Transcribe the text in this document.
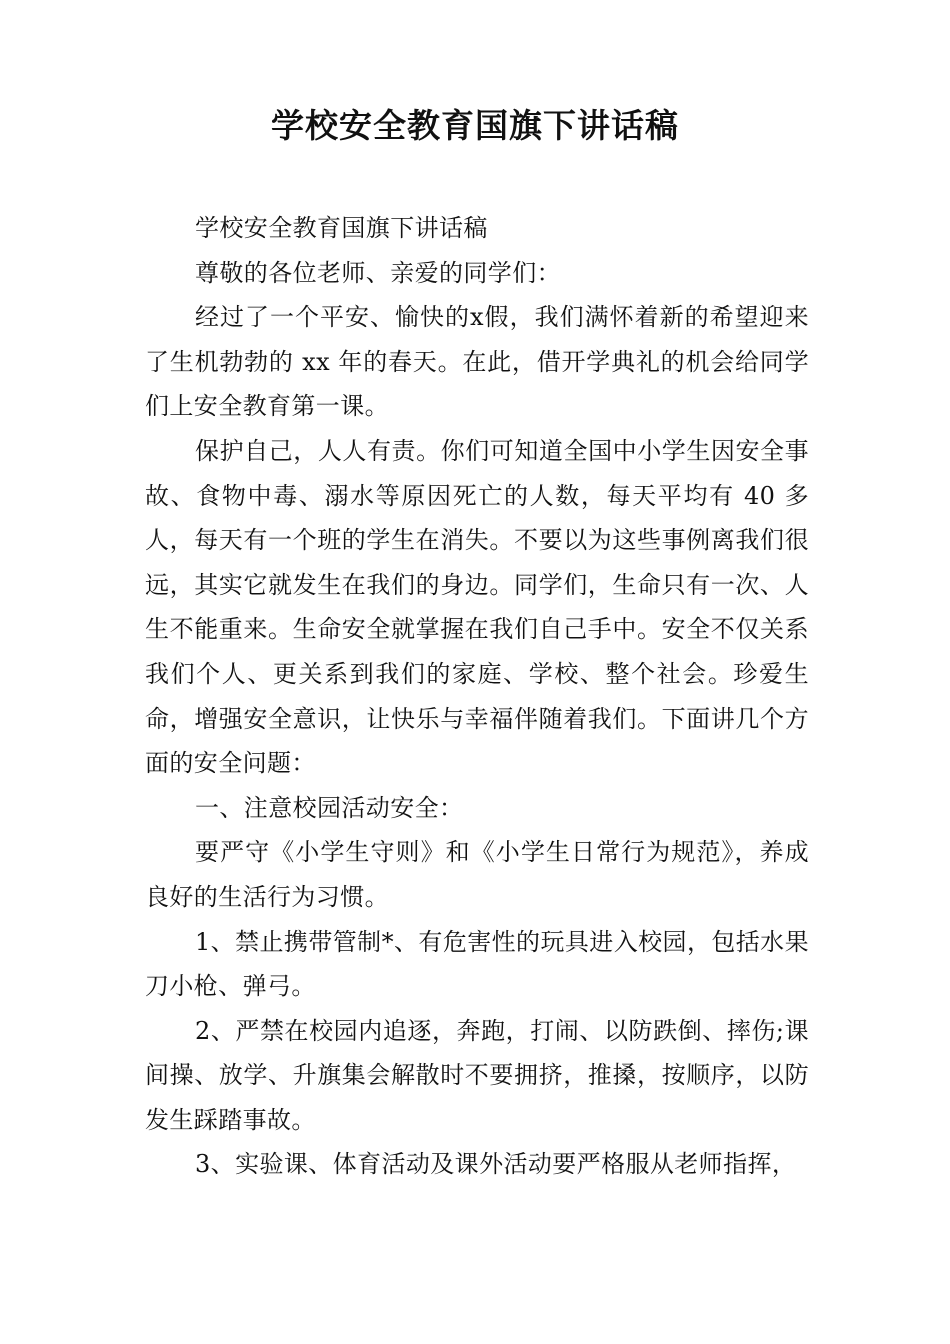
学校安全教育国旗下讲话稿

学校安全教育国旗下讲话稿

尊敬的各位老师、亲爱的同学们：

经过了一个平安、愉快的x假，我们满怀着新的希望迎来了生机勃勃的 xx 年的春天。在此，借开学典礼的机会给同学们上安全教育第一课。

保护自己，人人有责。你们可知道全国中小学生因安全事故、食物中毒、溺水等原因死亡的人数，每天平均有 40 多人，每天有一个班的学生在消失。不要以为这些事例离我们很远，其实它就发生在我们的身边。同学们，生命只有一次、人生不能重来。生命安全就掌握在我们自己手中。安全不仅关系我们个人、更关系到我们的家庭、学校、整个社会。珍爱生命，增强安全意识，让快乐与幸福伴随着我们。下面讲几个方面的安全问题：

一、注意校园活动安全：

要严守《小学生守则》和《小学生日常行为规范》，养成良好的生活行为习惯。

1、禁止携带管制*、有危害性的玩具进入校园，包括水果刀小枪、弹弓。

2、严禁在校园内追逐，奔跑，打闹、以防跌倒、摔伤;课间操、放学、升旗集会解散时不要拥挤，推搡，按顺序，以防发生踩踏事故。

3、实验课、体育活动及课外活动要严格服从老师指挥，
